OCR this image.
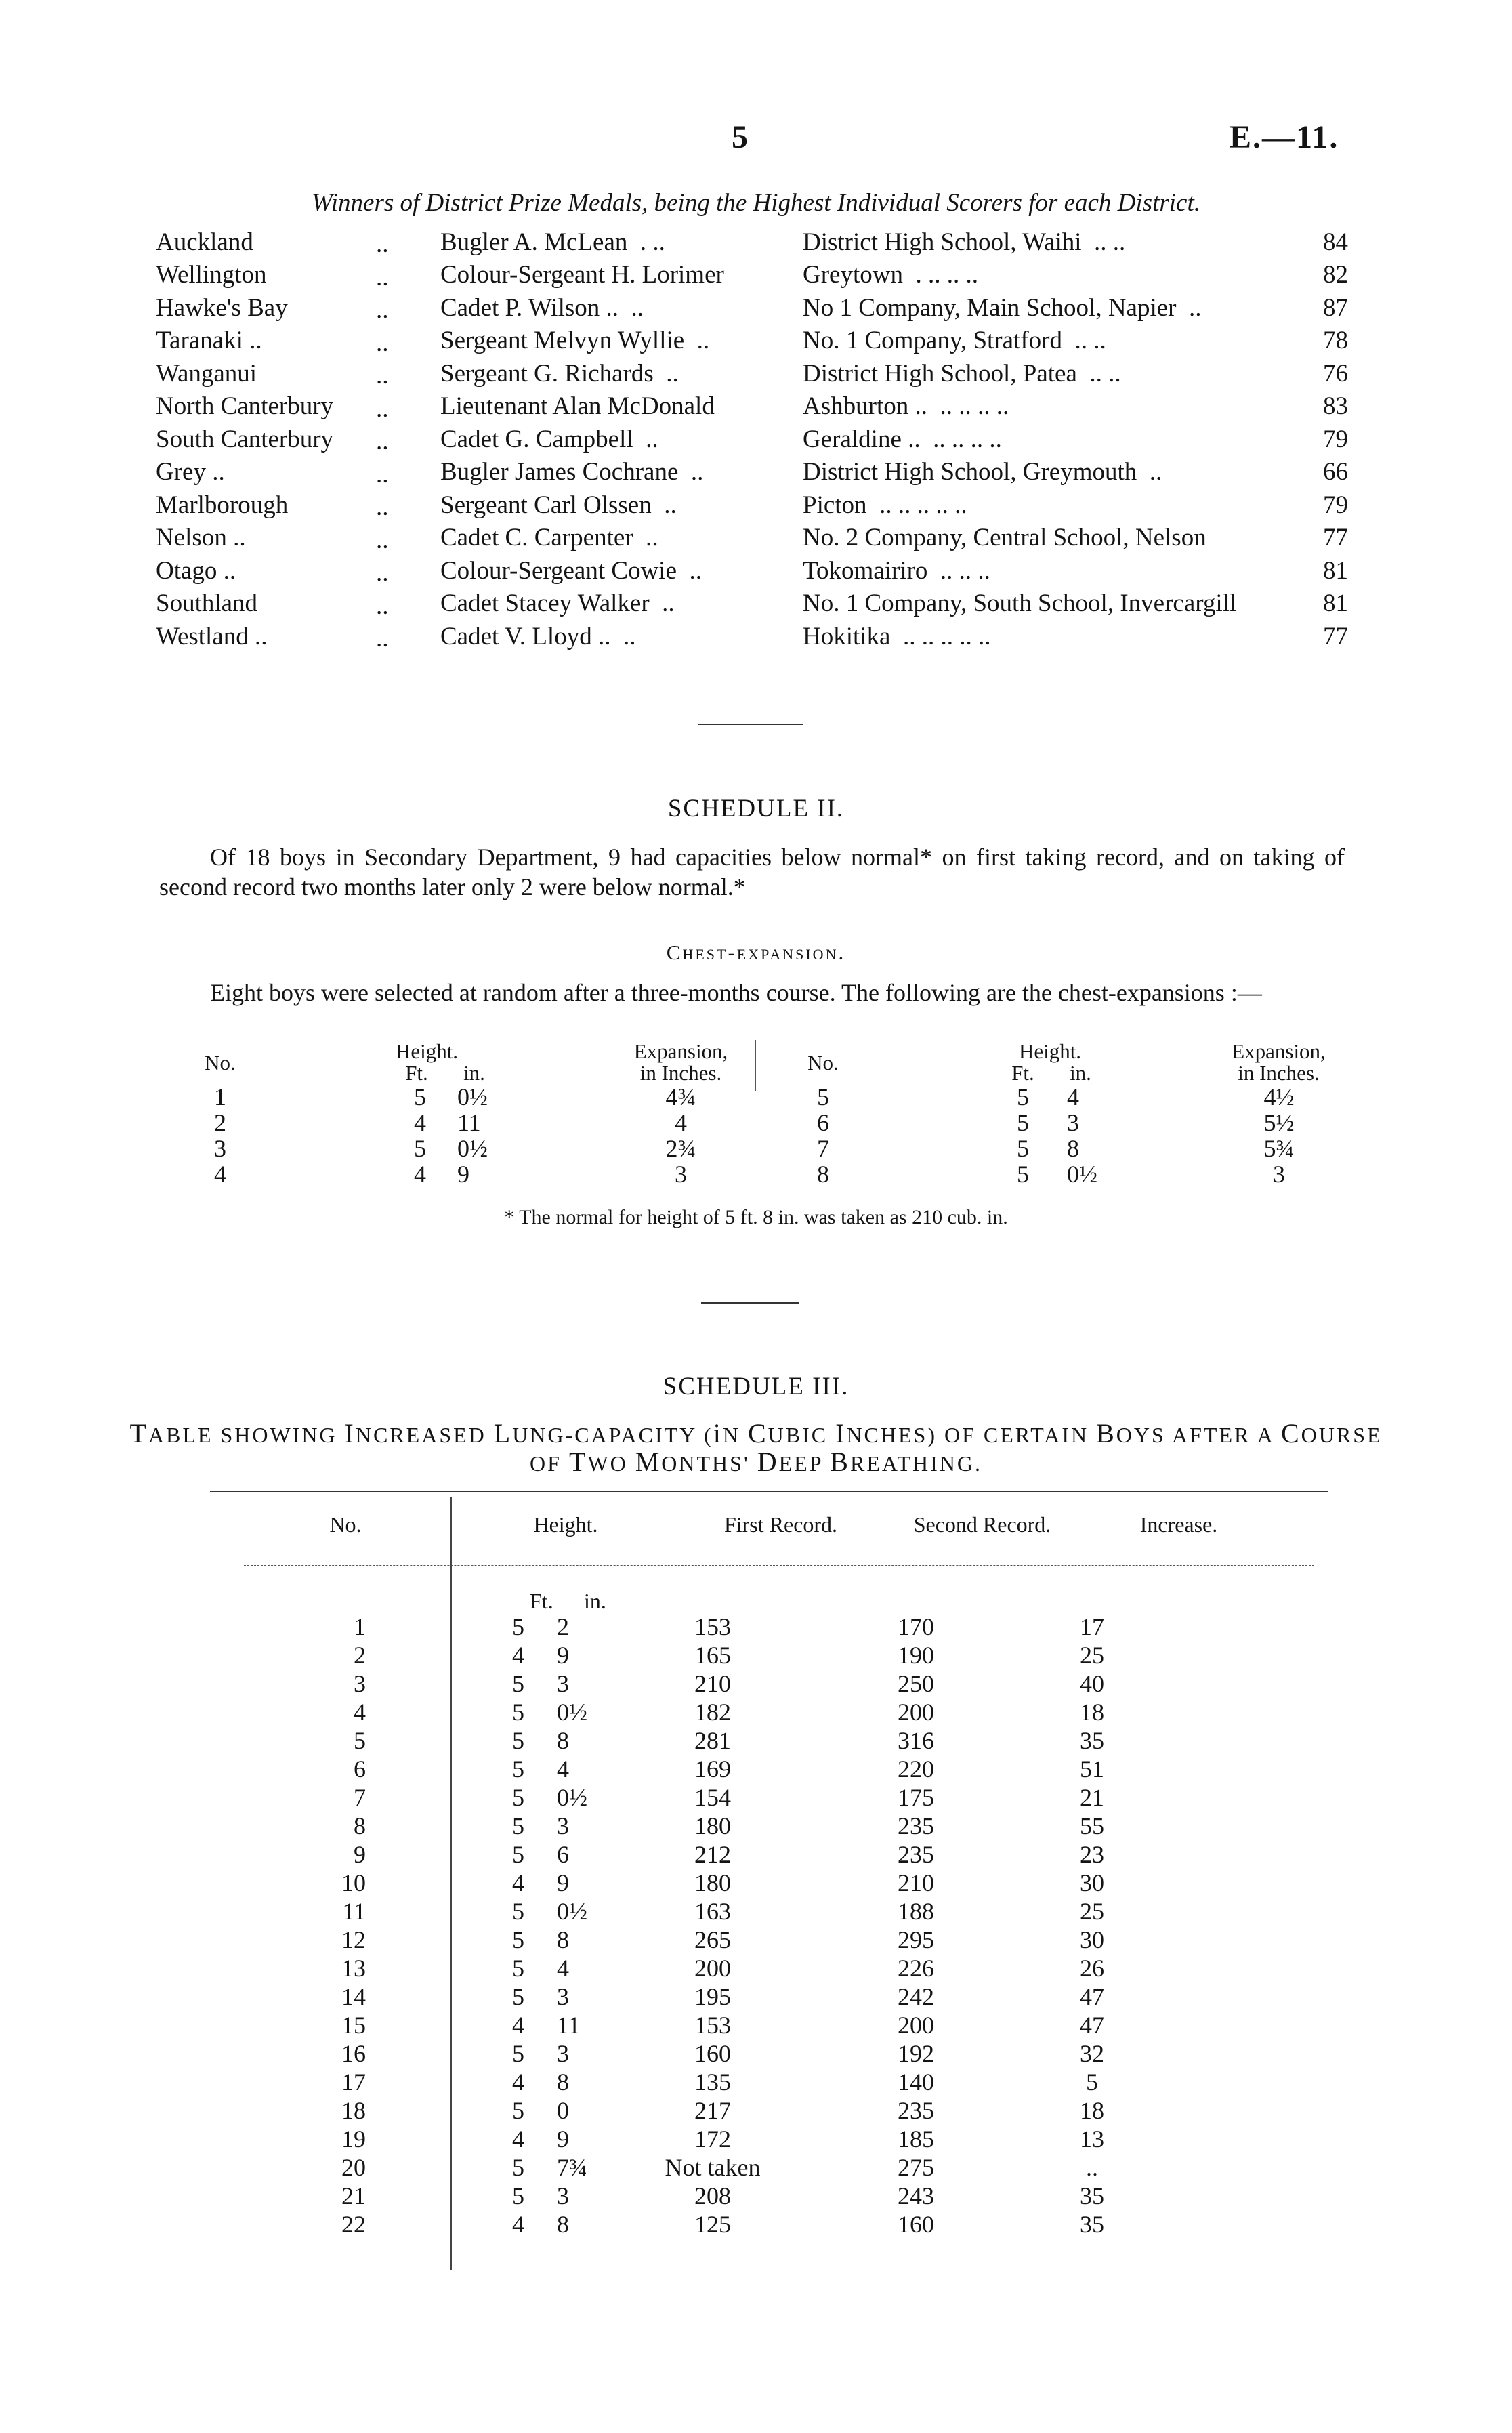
5	E.—11.
Winners of District Prize Medals, being the Highest Individual Scorers for each District.
Auckland ..	Bugler A. McLean . ..	District High School, Waihi .. ..	84
Wellington ..	Colour-Sergeant H. Lorimer	Greytown . .. .. ..	82
Hawke's Bay ..	Cadet P. Wilson .. ..	No 1 Company, Main School, Napier ..	87
Taranaki .. ..	Sergeant Melvyn Wyllie ..	No. 1 Company, Stratford .. ..	78
Wanganui ..	Sergeant G. Richards ..	District High School, Patea .. ..	76
North Canterbury ..	Lieutenant Alan McDonald	Ashburton .. .. .. .. ..	83
South Canterbury ..	Cadet G. Campbell ..	Geraldine .. .. .. .. ..	79
Grey .. ..	Bugler James Cochrane ..	District High School, Greymouth ..	66
Marlborough ..	Sergeant Carl Olssen ..	Picton .. .. .. .. ..	79
Nelson .. ..	Cadet C. Carpenter ..	No. 2 Company, Central School, Nelson	77
Otago .. ..	Colour-Sergeant Cowie ..	Tokomairiro .. .. ..	81
Southland ..	Cadet Stacey Walker ..	No. 1 Company, South School, Invercargill	81
Westland .. ..	Cadet V. Lloyd .. ..	Hokitika .. .. .. .. ..	77
SCHEDULE II.
Of 18 boys in Secondary Department, 9 had capacities below normal* on first taking record, and on taking of second record two months later only 2 were below normal.*
Chest-expansion.
Eight boys were selected at random after a three-months course. The following are the chest-expansions :—
No.	Height.
Ft. in.
Expansion,
in Inches.	No.	Height.
Ft. in.
Expansion,
in Inches.
1	5	0½	4¾
2	4	11	4
3	5	0½	2¾
4	4	9	3
5	5	4	4½
6	5	3	5½
7	5	8	5¾
8	5	0½	3
* The normal for height of 5 ft. 8 in. was taken as 210 cub. in.
SCHEDULE III.
TABLE SHOWING INCREASED LUNG-CAPACITY (iN CUBIC INCHES) OF CERTAIN BOYS AFTER A COURSE
OF TWO MONTHS' DEEP BREATHING.
No.	Height.	First Record.	Second Record.	Increase.
Ft. in.
1		5		2	153	170	17
2		4		9	165	190	25
3		5		3	210	250	40
4		5		0½	182	200	18
5		5		8	281	316	35
6		5		4	169	220	51
7		5		0½	154	175	21
8		5		3	180	235	55
9		5		6	212	235	23
10		4		9	180	210	30
11		5		0½	163	188	25
12		5		8	265	295	30
13		5		4	200	226	26
14		5		3	195	242	47
15		4		11	153	200	47
16		5		3	160	192	32
17		4		8	135	140	5
18		5		0	217	235	18
19		4		9	172	185	13
20		5		7¾	Not taken	275	..
21		5		3	208	243	35
22		4		8	125	160	35
